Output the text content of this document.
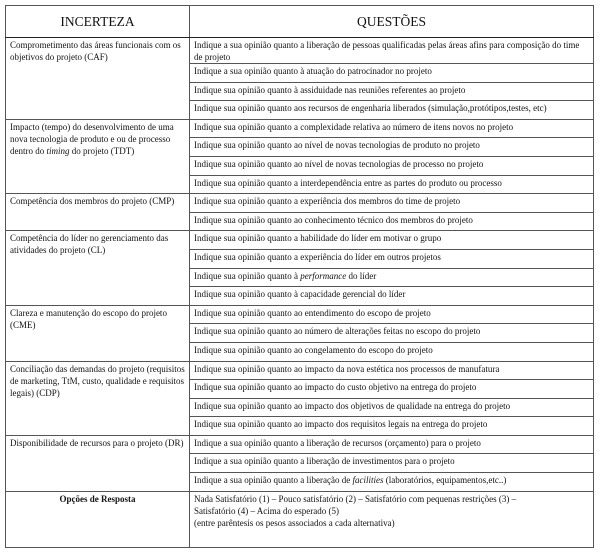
INCERTEZA	QUESTÕES
Comprometimento das áreas funcionais com os objetivos do projeto (CAF)	Indique a sua opinião quanto a liberação de pessoas qualificadas pelas áreas afins para composição do time de projeto
	Indique a sua opinião quanto à atuação do patrocinador no projeto
	Indique sua opinião quanto à assiduidade nas reuniões referentes ao projeto
	Indique sua opinião quanto aos recursos de engenharia liberados (simulação,protótipos,testes, etc)
Impacto (tempo) do desenvolvimento de uma nova tecnologia de produto e ou de processo dentro do timing do projeto (TDT)	Indique sua opinião quanto a complexidade relativa ao número de itens novos no projeto
	Indique sua opinião quanto ao nível de novas tecnologias de produto no projeto
	Indique sua opinião quanto ao nível de novas tecnologias de processo no projeto
	Indique sua opinião quanto a interdependência entre as partes do produto ou processo
Competência dos membros do projeto (CMP)	Indique sua opinião quanto a experiência dos membros do time de projeto
	Indique sua opinião quanto ao conhecimento técnico dos membros do projeto
Competência do líder no gerenciamento das atividades do projeto (CL)	Indique sua opinião quanto a habilidade do líder em motivar o grupo
	Indique sua opinião quanto a experiência do líder em outros projetos
	Indique sua opinião quanto à performance do líder
	Indique sua opinião quanto à capacidade gerencial do líder
Clareza e manutenção do escopo do projeto (CME)	Indique sua opinião quanto ao entendimento do escopo de projeto
	Indique sua opinião quanto ao número de alterações feitas no escopo do projeto
	Indique sua opinião quanto ao congelamento do escopo do projeto
Conciliação das demandas do projeto (requisitos de marketing, TtM, custo, qualidade e requisitos legais) (CDP)	Indique sua opinião quanto ao impacto da nova estética nos processos de manufatura
	Indique sua opinião quanto ao impacto do custo objetivo na entrega do projeto
	Indique sua opinião quanto ao impacto dos objetivos de qualidade na entrega do projeto
	Indique sua opinião quanto ao impacto dos requisitos legais na entrega do projeto
Disponibilidade de recursos para o projeto (DR)	Indique a sua opinião quanto a liberação de recursos (orçamento) para o projeto
	Indique a sua opinião quanto a liberação de investimentos para o projeto
	Indique a sua opinião quanto a liberação de facilities (laboratórios, equipamentos,etc..)
Opções de Resposta	Nada Satisfatório (1) – Pouco satisfatório (2) – Satisfatório com pequenas restrições (3) –
Satisfatório (4) – Acima do esperado (5)
(entre parêntesis os pesos associados a cada alternativa)
